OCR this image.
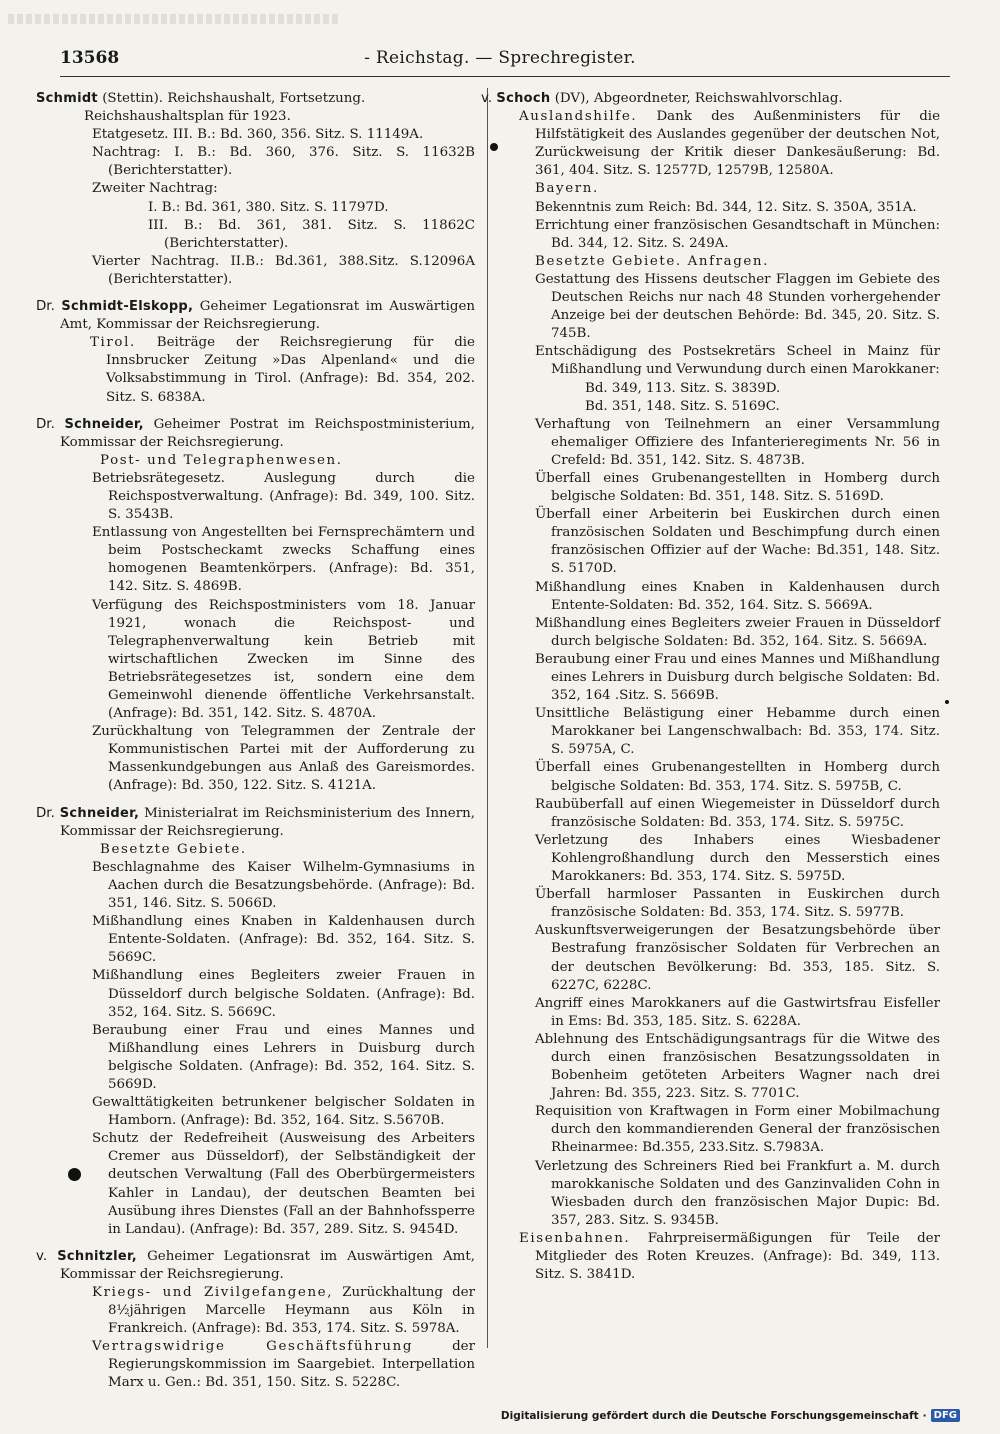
13568	- Reichstag. — Sprechregister.

Schmidt (Stettin). Reichshaushalt, Fortsetzung.

Reichshaushaltsplan für 1923.

Etatgesetz. III. B.: Bd. 360, 356. Sitz. S. 11149A.

Nachtrag: I. B.: Bd. 360, 376. Sitz. S. 11632B (Berichterstatter).

Zweiter Nachtrag:

I. B.: Bd. 361, 380. Sitz. S. 11797D.

III. B.: Bd. 361, 381. Sitz. S. 11862C (Berichterstatter).

Vierter Nachtrag. II.B.: Bd.361, 388.Sitz. S.12096A (Berichterstatter).

Dr. Schmidt-Elskopp, Geheimer Legationsrat im Auswärtigen Amt, Kommissar der Reichsregierung.

Tirol. Beiträge der Reichsregierung für die Innsbrucker Zeitung »Das Alpenland« und die Volksabstimmung in Tirol. (Anfrage): Bd. 354, 202. Sitz. S. 6838A.

Dr. Schneider, Geheimer Postrat im Reichspostministerium, Kommissar der Reichsregierung.

Post- und Telegraphenwesen.

Betriebsrätegesetz. Auslegung durch die Reichspostverwaltung. (Anfrage): Bd. 349, 100. Sitz. S. 3543B.

Entlassung von Angestellten bei Fernsprechämtern und beim Postscheckamt zwecks Schaffung eines homogenen Beamtenkörpers. (Anfrage): Bd. 351, 142. Sitz. S. 4869B.

Verfügung des Reichspostministers vom 18. Januar 1921, wonach die Reichspost- und Telegraphenverwaltung kein Betrieb mit wirtschaftlichen Zwecken im Sinne des Betriebsrätegesetzes ist, sondern eine dem Gemeinwohl dienende öffentliche Verkehrsanstalt. (Anfrage): Bd. 351, 142. Sitz. S. 4870A.

Zurückhaltung von Telegrammen der Zentrale der Kommunistischen Partei mit der Aufforderung zu Massenkundgebungen aus Anlaß des Gareismordes. (Anfrage): Bd. 350, 122. Sitz. S. 4121A.

Dr. Schneider, Ministerialrat im Reichsministerium des Innern, Kommissar der Reichsregierung.

Besetzte Gebiete.

Beschlagnahme des Kaiser Wilhelm-Gymnasiums in Aachen durch die Besatzungsbehörde. (Anfrage): Bd. 351, 146. Sitz. S. 5066D.

Mißhandlung eines Knaben in Kaldenhausen durch Entente-Soldaten. (Anfrage): Bd. 352, 164. Sitz. S. 5669C.

Mißhandlung eines Begleiters zweier Frauen in Düsseldorf durch belgische Soldaten. (Anfrage): Bd. 352, 164. Sitz. S. 5669C.

Beraubung einer Frau und eines Mannes und Mißhandlung eines Lehrers in Duisburg durch belgische Soldaten. (Anfrage): Bd. 352, 164. Sitz. S. 5669D.

Gewalttätigkeiten betrunkener belgischer Soldaten in Hamborn. (Anfrage): Bd. 352, 164. Sitz. S.5670B.

Schutz der Redefreiheit (Ausweisung des Arbeiters Cremer aus Düsseldorf), der Selbständigkeit der deutschen Verwaltung (Fall des Oberbürgermeisters Kahler in Landau), der deutschen Beamten bei Ausübung ihres Dienstes (Fall an der Bahnhofssperre in Landau). (Anfrage): Bd. 357, 289. Sitz. S. 9454D.

v. Schnitzler, Geheimer Legationsrat im Auswärtigen Amt, Kommissar der Reichsregierung.

Kriegs- und Zivilgefangene, Zurückhaltung der 8½jährigen Marcelle Heymann aus Köln in Frankreich. (Anfrage): Bd. 353, 174. Sitz. S. 5978A.

Vertragswidrige Geschäftsführung der Regierungskommission im Saargebiet. Interpellation Marx u. Gen.: Bd. 351, 150. Sitz. S. 5228C.

v. Schoch (DV), Abgeordneter, Reichswahlvorschlag.

Auslandshilfe. Dank des Außenministers für die Hilfstätigkeit des Auslandes gegenüber der deutschen Not, Zurückweisung der Kritik dieser Dankesäußerung: Bd. 361, 404. Sitz. S. 12577D, 12579B, 12580A.

Bayern.

Bekenntnis zum Reich: Bd. 344, 12. Sitz. S. 350A, 351A.

Errichtung einer französischen Gesandtschaft in München: Bd. 344, 12. Sitz. S. 249A.

Besetzte Gebiete. Anfragen.

Gestattung des Hissens deutscher Flaggen im Gebiete des Deutschen Reichs nur nach 48 Stunden vorhergehender Anzeige bei der deutschen Behörde: Bd. 345, 20. Sitz. S. 745B.

Entschädigung des Postsekretärs Scheel in Mainz für Mißhandlung und Verwundung durch einen Marokkaner:

Bd. 349, 113. Sitz. S. 3839D.

Bd. 351, 148. Sitz. S. 5169C.

Verhaftung von Teilnehmern an einer Versammlung ehemaliger Offiziere des Infanterieregiments Nr. 56 in Crefeld: Bd. 351, 142. Sitz. S. 4873B.

Überfall eines Grubenangestellten in Homberg durch belgische Soldaten: Bd. 351, 148. Sitz. S. 5169D.

Überfall einer Arbeiterin bei Euskirchen durch einen französischen Soldaten und Beschimpfung durch einen französischen Offizier auf der Wache: Bd.351, 148. Sitz. S. 5170D.

Mißhandlung eines Knaben in Kaldenhausen durch Entente-Soldaten: Bd. 352, 164. Sitz. S. 5669A.

Mißhandlung eines Begleiters zweier Frauen in Düsseldorf durch belgische Soldaten: Bd. 352, 164. Sitz. S. 5669A.

Beraubung einer Frau und eines Mannes und Mißhandlung eines Lehrers in Duisburg durch belgische Soldaten: Bd. 352, 164 .Sitz. S. 5669B.

Unsittliche Belästigung einer Hebamme durch einen Marokkaner bei Langenschwalbach: Bd. 353, 174. Sitz. S. 5975A, C.

Überfall eines Grubenangestellten in Homberg durch belgische Soldaten: Bd. 353, 174. Sitz. S. 5975B, C.

Raubüberfall auf einen Wiegemeister in Düsseldorf durch französische Soldaten: Bd. 353, 174. Sitz. S. 5975C.

Verletzung des Inhabers eines Wiesbadener Kohlengroßhandlung durch den Messerstich eines Marokkaners: Bd. 353, 174. Sitz. S. 5975D.

Überfall harmloser Passanten in Euskirchen durch französische Soldaten: Bd. 353, 174. Sitz. S. 5977B.

Auskunftsverweigerungen der Besatzungsbehörde über Bestrafung französischer Soldaten für Verbrechen an der deutschen Bevölkerung: Bd. 353, 185. Sitz. S. 6227C, 6228C.

Angriff eines Marokkaners auf die Gastwirtsfrau Eisfeller in Ems: Bd. 353, 185. Sitz. S. 6228A.

Ablehnung des Entschädigungsantrags für die Witwe des durch einen französischen Besatzungssoldaten in Bobenheim getöteten Arbeiters Wagner nach drei Jahren: Bd. 355, 223. Sitz. S. 7701C.

Requisition von Kraftwagen in Form einer Mobilmachung durch den kommandierenden General der französischen Rheinarmee: Bd.355, 233.Sitz. S.7983A.

Verletzung des Schreiners Ried bei Frankfurt a. M. durch marokkanische Soldaten und des Ganzinvaliden Cohn in Wiesbaden durch den französischen Major Dupic: Bd. 357, 283. Sitz. S. 9345B.

Eisenbahnen. Fahrpreisermäßigungen für Teile der Mitglieder des Roten Kreuzes. (Anfrage): Bd. 349, 113. Sitz. S. 3841D.

Digitalisierung gefördert durch die Deutsche Forschungsgemeinschaft · DFG
